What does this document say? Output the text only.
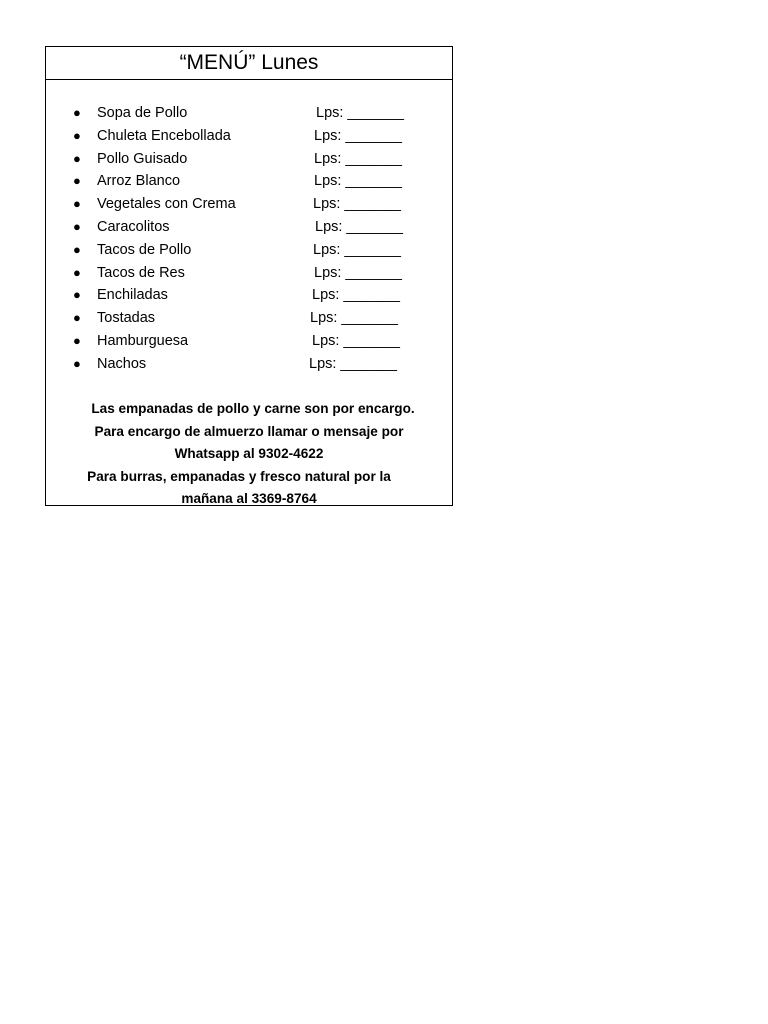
“MENÚ” Lunes
● Sopa de Pollo	Lps: _______
● Chuleta Encebollada	Lps: _______
● Pollo Guisado	Lps: _______
● Arroz Blanco	Lps: _______
● Vegetales con Crema	Lps: _______
● Caracolitos	Lps: _______
● Tacos de Pollo	Lps: _______
● Tacos de Res	Lps: _______
● Enchiladas	Lps: _______
● Tostadas	Lps: _______
● Hamburguesa	Lps: _______
● Nachos	Lps: _______
Las empanadas de pollo y carne son por encargo.
Para encargo de almuerzo llamar o mensaje por
Whatsapp al 9302-4622
Para burras, empanadas y fresco natural por la
mañana al 3369-8764
